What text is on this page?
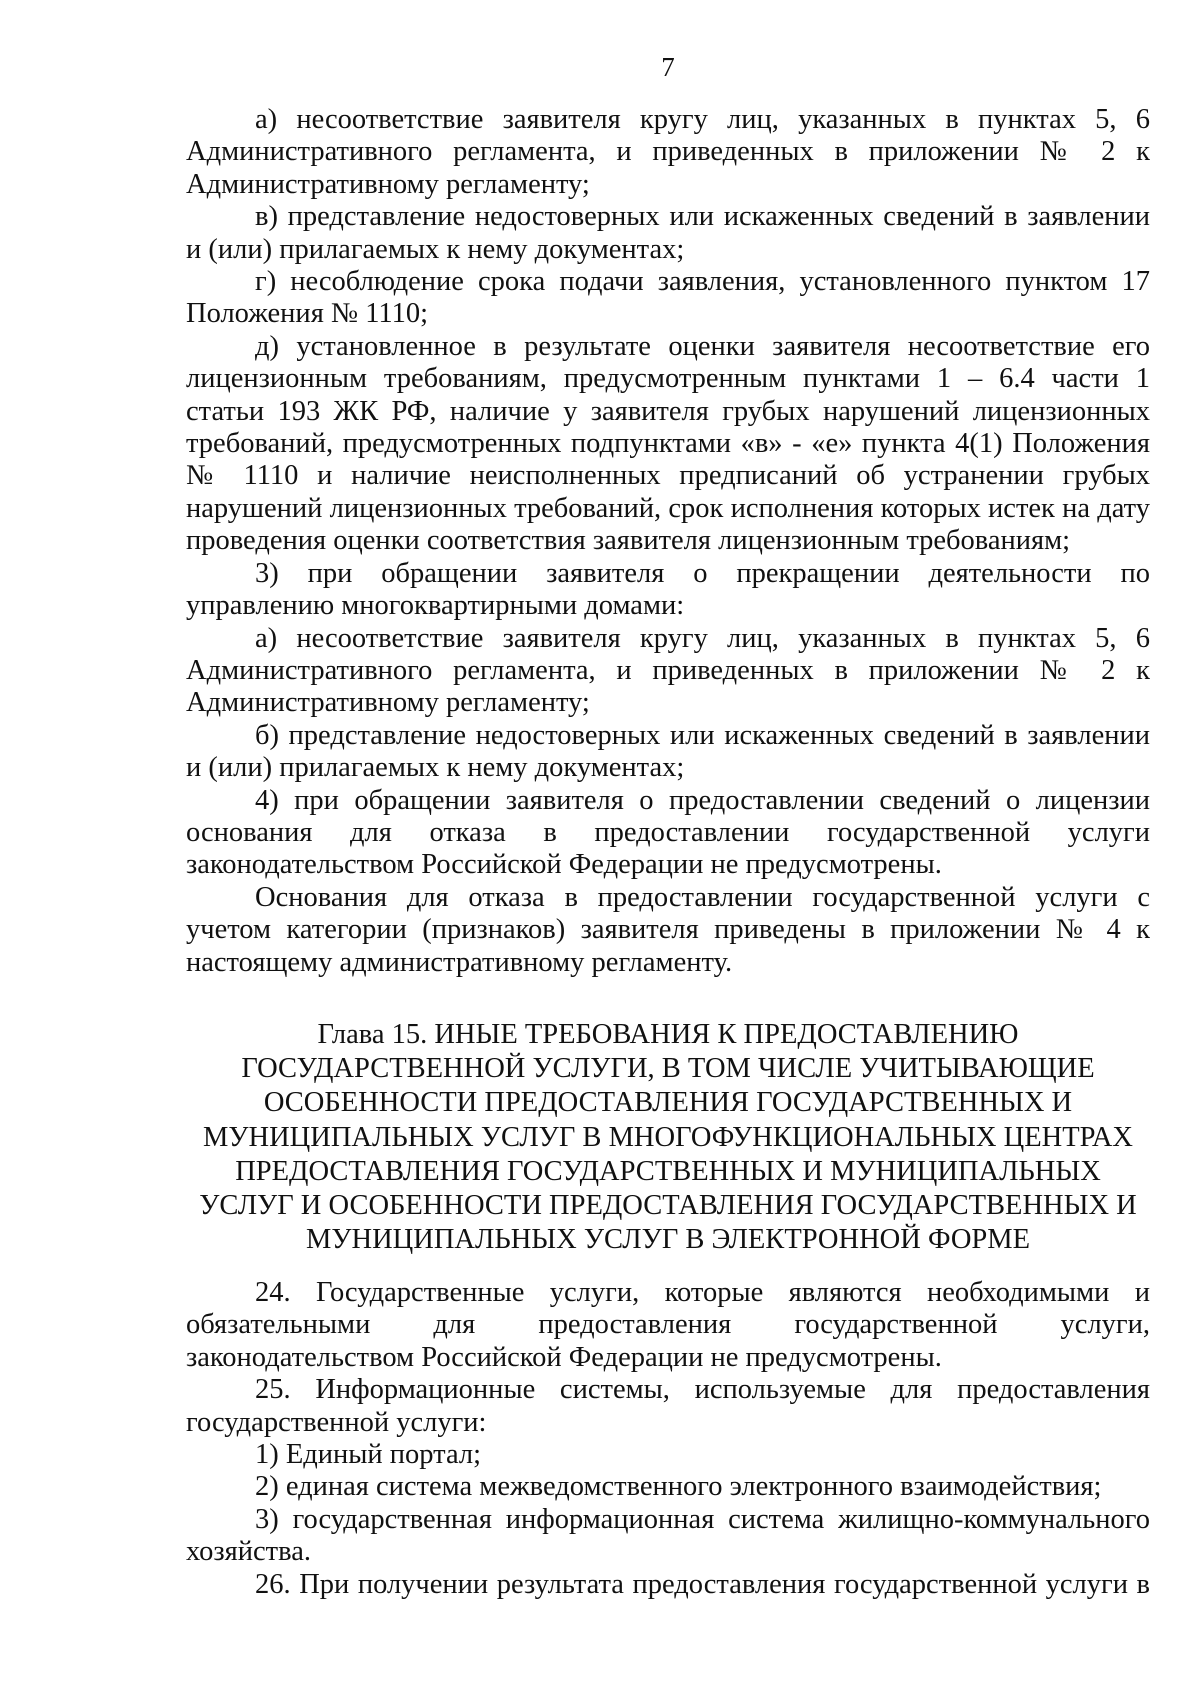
7

а) несоответствие заявителя кругу лиц, указанных в пунктах 5, 6 Административного регламента, и приведенных в приложении № 2 к Административному регламенту;

в) представление недостоверных или искаженных сведений в заявлении и (или) прилагаемых к нему документах;

г) несоблюдение срока подачи заявления, установленного пунктом 17 Положения № 1110;

д) установленное в результате оценки заявителя несоответствие его лицензионным требованиям, предусмотренным пунктами 1 – 6.4 части 1 статьи 193 ЖК РФ, наличие у заявителя грубых нарушений лицензионных требований, предусмотренных подпунктами «в» - «е» пункта 4(1) Положения № 1110 и наличие неисполненных предписаний об устранении грубых нарушений лицензионных требований, срок исполнения которых истек на дату проведения оценки соответствия заявителя лицензионным требованиям;

3) при обращении заявителя о прекращении деятельности по управлению многоквартирными домами:

а) несоответствие заявителя кругу лиц, указанных в пунктах 5, 6 Административного регламента, и приведенных в приложении № 2 к Административному регламенту;

б) представление недостоверных или искаженных сведений в заявлении и (или) прилагаемых к нему документах;

4) при обращении заявителя о предоставлении сведений о лицензии основания для отказа в предоставлении государственной услуги законодательством Российской Федерации не предусмотрены.

Основания для отказа в предоставлении государственной услуги с учетом категории (признаков) заявителя приведены в приложении № 4 к настоящему административному регламенту.

Глава 15. ИНЫЕ ТРЕБОВАНИЯ К ПРЕДОСТАВЛЕНИЮ
ГОСУДАРСТВЕННОЙ УСЛУГИ, В ТОМ ЧИСЛЕ УЧИТЫВАЮЩИЕ
ОСОБЕННОСТИ ПРЕДОСТАВЛЕНИЯ ГОСУДАРСТВЕННЫХ И
МУНИЦИПАЛЬНЫХ УСЛУГ В МНОГОФУНКЦИОНАЛЬНЫХ ЦЕНТРАХ
ПРЕДОСТАВЛЕНИЯ ГОСУДАРСТВЕННЫХ И МУНИЦИПАЛЬНЫХ
УСЛУГ И ОСОБЕННОСТИ ПРЕДОСТАВЛЕНИЯ ГОСУДАРСТВЕННЫХ И
МУНИЦИПАЛЬНЫХ УСЛУГ В ЭЛЕКТРОННОЙ ФОРМЕ

24. Государственные услуги, которые являются необходимыми и обязательными для предоставления государственной услуги, законодательством Российской Федерации не предусмотрены.

25. Информационные системы, используемые для предоставления государственной услуги:

1) Единый портал;

2) единая система межведомственного электронного взаимодействия;

3) государственная информационная система жилищно-коммунального хозяйства.

26. При получении результата предоставления государственной услуги в
